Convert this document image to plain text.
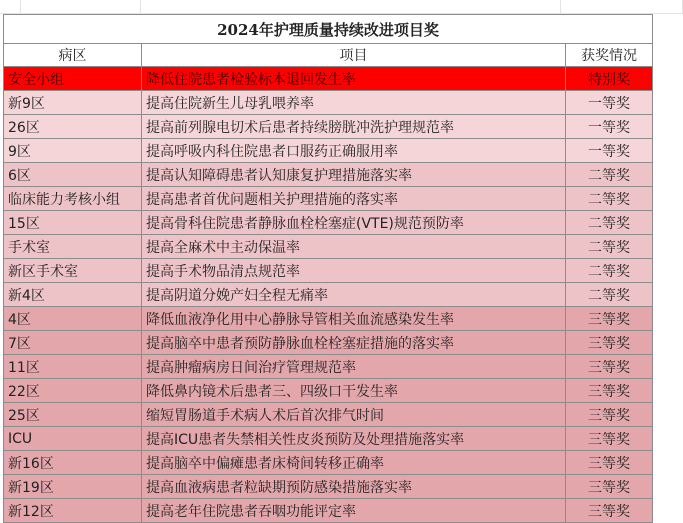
2024年护理质量持续改进项目奖		
病区	项目	获奖情况
安全小组	降低住院患者检验标本退回发生率	特别奖
新9区	提高住院新生儿母乳喂养率	一等奖
26区	提高前列腺电切术后患者持续膀胱冲洗护理规范率	一等奖
9区	提高呼吸内科住院患者口服药正确服用率	一等奖
6区	提高认知障碍患者认知康复护理措施落实率	二等奖
临床能力考核小组	提高患者首优问题相关护理措施的落实率	二等奖
15区	提高骨科住院患者静脉血栓栓塞症(VTE)规范预防率	二等奖
手术室	提高全麻术中主动保温率	二等奖
新区手术室	提高手术物品清点规范率	二等奖
新4区	提高阴道分娩产妇全程无痛率	二等奖
4区	降低血液净化用中心静脉导管相关血流感染发生率	三等奖
7区	提高脑卒中患者预防静脉血栓栓塞症措施的落实率	三等奖
11区	提高肿瘤病房日间治疗管理规范率	三等奖
22区	降低鼻内镜术后患者三、四级口干发生率	三等奖
25区	缩短胃肠道手术病人术后首次排气时间	三等奖
ICU	提高ICU患者失禁相关性皮炎预防及处理措施落实率	三等奖
新16区	提高脑卒中偏瘫患者床椅间转移正确率	三等奖
新19区	提高血液病患者粒缺期预防感染措施落实率	三等奖
新12区	提高老年住院患者吞咽功能评定率	三等奖
